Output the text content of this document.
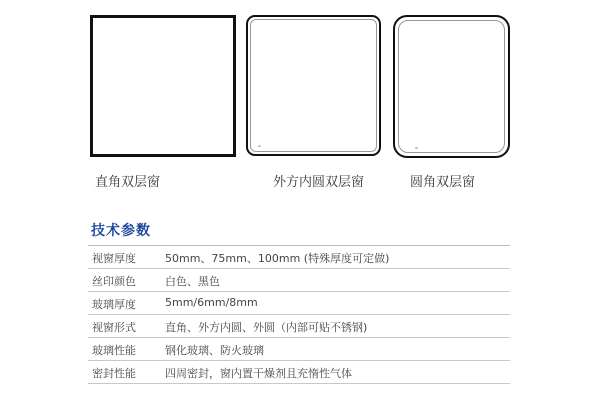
▬	▬
直角双层窗	外方内圆双层窗	圆角双层窗
技术参数
视窗厚度	50mm、75mm、100mm (特殊厚度可定做)
丝印颜色	白色、黑色
玻璃厚度	5mm/6mm/8mm
视窗形式	直角、外方内圆、外圆（内部可贴不锈钢)
玻璃性能	钢化玻璃、防火玻璃
密封性能	四周密封，窗内置干燥剂且充惰性气体
